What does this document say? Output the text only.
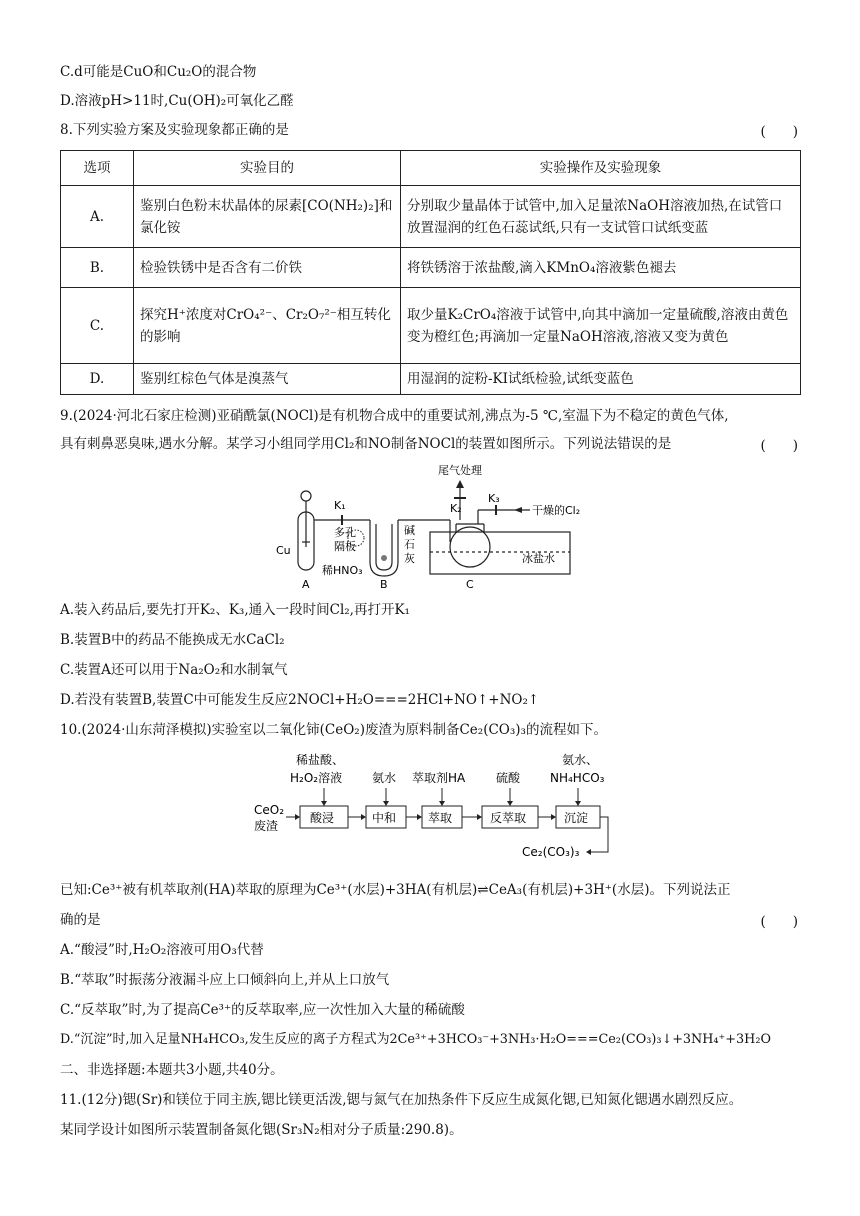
C.d可能是CuO和Cu₂O的混合物
D.溶液pH>11时,Cu(OH)₂可氧化乙醛
8.下列实验方案及实验现象都正确的是	(　　)
选项	实验目的	实验操作及实验现象
A.	鉴别白色粉末状晶体的尿素[CO(NH₂)₂]和氯化铵	分别取少量晶体于试管中,加入足量浓NaOH溶液加热,在试管口放置湿润的红色石蕊试纸,只有一支试管口试纸变蓝
B.	检验铁锈中是否含有二价铁	将铁锈溶于浓盐酸,滴入KMnO₄溶液紫色褪去
C.	探究H⁺浓度对CrO₄²⁻、Cr₂O₇²⁻相互转化的影响	取少量K₂CrO₄溶液于试管中,向其中滴加一定量硫酸,溶液由黄色变为橙红色;再滴加一定量NaOH溶液,溶液又变为黄色
D.	鉴别红棕色气体是溴蒸气	用湿润的淀粉-KI试纸检验,试纸变蓝色
9.(2024·河北石家庄检测)亚硝酰氯(NOCl)是有机物合成中的重要试剂,沸点为-5 ℃,室温下为不稳定的黄色气体,
具有刺鼻恶臭味,遇水分解。某学习小组同学用Cl₂和NO制备NOCl的装置如图所示。下列说法错误的是	(　　)
尾气处理
K₁	K₂
K₃
干燥的Cl₂
多孔
隔板
Cu
稀HNO₃
碱
石
灰	冰盐水
A	B	C
A.装入药品后,要先打开K₂、K₃,通入一段时间Cl₂,再打开K₁
B.装置B中的药品不能换成无水CaCl₂
C.装置A还可以用于Na₂O₂和水制氧气
D.若没有装置B,装置C中可能发生反应2NOCl+H₂O===2HCl+NO↑+NO₂↑
10.(2024·山东菏泽模拟)实验室以二氧化铈(CeO₂)废渣为原料制备Ce₂(CO₃)₃的流程如下。
CeO₂
废渣
酸浸	中和	萃取	反萃取	沉淀
稀盐酸、
H₂O₂溶液 氨水 萃取剂HA	硫酸
氨水、
NH₄HCO₃
Ce₂(CO₃)₃
已知:Ce³⁺被有机萃取剂(HA)萃取的原理为Ce³⁺(水层)+3HA(有机层)⇌CeA₃(有机层)+3H⁺(水层)。下列说法正
确的是	(　　)
A.“酸浸”时,H₂O₂溶液可用O₃代替
B.“萃取”时振荡分液漏斗应上口倾斜向上,并从上口放气
C.“反萃取”时,为了提高Ce³⁺的反萃取率,应一次性加入大量的稀硫酸
D.“沉淀”时,加入足量NH₄HCO₃,发生反应的离子方程式为2Ce³⁺+3HCO₃⁻+3NH₃·H₂O===Ce₂(CO₃)₃↓+3NH₄⁺+3H₂O
二、非选择题:本题共3小题,共40分。
11.(12分)锶(Sr)和镁位于同主族,锶比镁更活泼,锶与氮气在加热条件下反应生成氮化锶,已知氮化锶遇水剧烈反应。
某同学设计如图所示装置制备氮化锶(Sr₃N₂相对分子质量:290.8)。
